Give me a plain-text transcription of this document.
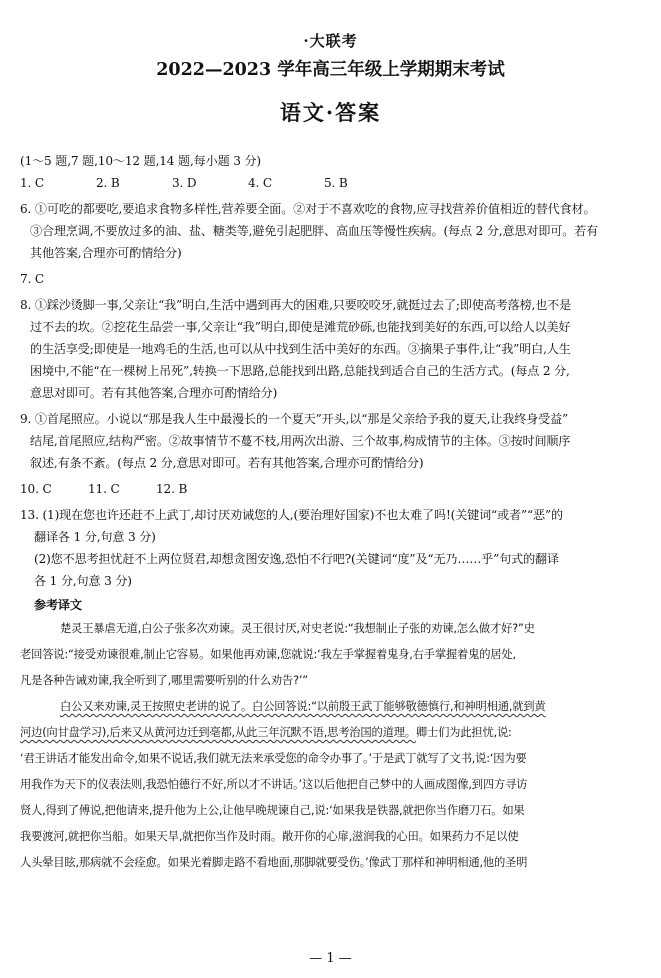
·大联考
2022—2023 学年高三年级上学期期末考试
语文·答案
(1～5 题,7 题,10～12 题,14 题,每小题 3 分)
1. C	2. B	3. D	4. C	5. B
6. ①可吃的都要吃,要追求食物多样性,营养要全面。②对于不喜欢吃的食物,应寻找营养价值相近的替代食材。
③合理烹调,不要放过多的油、盐、糖类等,避免引起肥胖、高血压等慢性疾病。(每点 2 分,意思对即可。若有
其他答案,合理亦可酌情给分)
7. C
8. ①踩沙烫脚一事,父亲让“我”明白,生活中遇到再大的困难,只要咬咬牙,就挺过去了;即使高考落榜,也不是
过不去的坎。②挖花生品尝一事,父亲让“我”明白,即使是滩荒砂砾,也能找到美好的东西,可以给人以美好
的生活享受;即使是一地鸡毛的生活,也可以从中找到生活中美好的东西。③摘果子事件,让“我”明白,人生
困境中,不能“在一棵树上吊死”,转换一下思路,总能找到出路,总能找到适合自己的生活方式。(每点 2 分,
意思对即可。若有其他答案,合理亦可酌情给分)
9. ①首尾照应。小说以“那是我人生中最漫长的一个夏天”开头,以“那是父亲给予我的夏天,让我终身受益”
结尾,首尾照应,结构严密。②故事情节不蔓不枝,用两次出游、三个故事,构成情节的主体。③按时间顺序
叙述,有条不紊。(每点 2 分,意思对即可。若有其他答案,合理亦可酌情给分)
10. C	11. C	12. B
13. (1)现在您也许还赶不上武丁,却讨厌劝诫您的人,(要治理好国家)不也太难了吗!(关键词“或者”“恶”的
翻译各 1 分,句意 3 分)
(2)您不思考担忧赶不上两位贤君,却想贪图安逸,恐怕不行吧?(关键词“度”及“无乃……乎”句式的翻译
各 1 分,句意 3 分)
参考译文
楚灵王暴虐无道,白公子张多次劝谏。灵王很讨厌,对史老说:“我想制止子张的劝谏,怎么做才好?”史
老回答说:“接受劝谏很难,制止它容易。如果他再劝谏,您就说:‘我左手掌握着鬼身,右手掌握着鬼的居处,
凡是各种告诫劝谏,我全听到了,哪里需要听别的什么劝告?’”
白公又来劝谏,灵王按照史老讲的说了。白公回答说:“以前殷王武丁能够敬德慎行,和神明相通,就到黄
河边(向甘盘学习),后来又从黄河边迁到亳都,从此三年沉默不语,思考治国的道理。卿士们为此担忧,说:
‘君王讲话才能发出命令,如果不说话,我们就无法来承受您的命令办事了。’于是武丁就写了文书,说:‘因为要
用我作为天下的仪表法则,我恐怕德行不好,所以才不讲话。’这以后他把自己梦中的人画成图像,到四方寻访
贤人,得到了傅说,把他请来,提升他为上公,让他早晚规谏自己,说:‘如果我是铁器,就把你当作磨刀石。如果
我要渡河,就把你当船。如果天旱,就把你当作及时雨。敞开你的心扉,滋润我的心田。如果药力不足以使
人头晕目眩,那病就不会痊愈。如果光着脚走路不看地面,那脚就要受伤。’像武丁那样和神明相通,他的圣明
— 1 —
